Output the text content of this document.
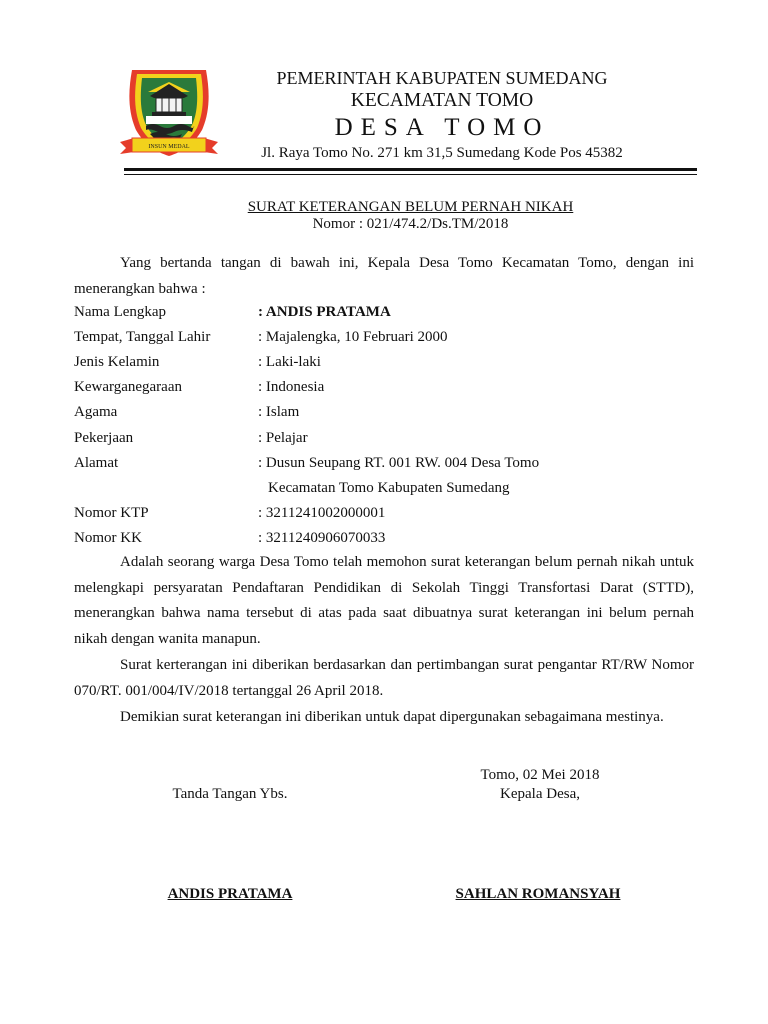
INSUN MEDAL
PEMERINTAH KABUPATEN SUMEDANG
KECAMATAN TOMO
DESA TOMO
Jl. Raya Tomo No. 271 km 31,5 Sumedang Kode Pos 45382
SURAT KETERANGAN BELUM PERNAH NIKAH
Nomor : 021/474.2/Ds.TM/2018
Yang bertanda tangan di bawah ini, Kepala Desa Tomo Kecamatan Tomo, dengan ini menerangkan bahwa :
Nama Lengkap	: ANDIS PRATAMA
Tempat, Tanggal Lahir	: Majalengka, 10 Februari 2000
Jenis Kelamin	: Laki-laki
Kewarganegaraan	: Indonesia
Agama	: Islam
Pekerjaan	: Pelajar
Alamat	: Dusun Seupang RT. 001 RW. 004 Desa Tomo
Kecamatan Tomo Kabupaten Sumedang
Nomor KTP	: 3211241002000001
Nomor KK	: 3211240906070033
Adalah seorang warga Desa Tomo telah memohon surat keterangan belum pernah nikah untuk melengkapi persyaratan Pendaftaran Pendidikan di Sekolah Tinggi Transfortasi Darat (STTD), menerangkan bahwa nama tersebut di atas pada saat dibuatnya surat keterangan ini belum pernah nikah dengan wanita manapun.
Surat kerterangan ini diberikan berdasarkan dan pertimbangan surat pengantar RT/RW Nomor 070/RT. 001/004/IV/2018 tertanggal 26 April 2018.
Demikian surat keterangan ini diberikan untuk dapat dipergunakan sebagaimana mestinya.
Tomo, 02 Mei 2018
Tanda Tangan Ybs.	Kepala Desa,
ANDIS PRATAMA	SAHLAN ROMANSYAH
